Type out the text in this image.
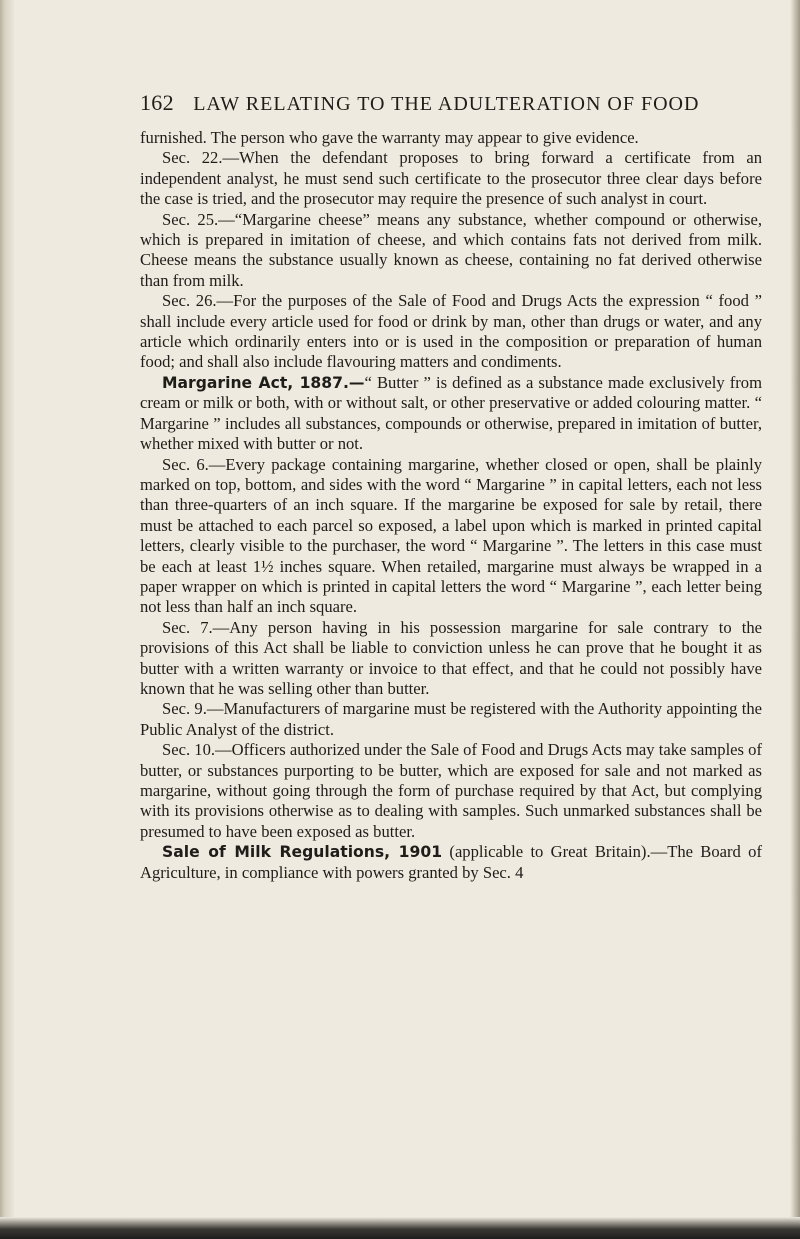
162 LAW RELATING TO THE ADULTERATION OF FOOD

furnished. The person who gave the warranty may appear to give evidence.

Sec. 22.—When the defendant proposes to bring forward a certificate from an independent analyst, he must send such certificate to the prosecutor three clear days before the case is tried, and the prosecutor may require the presence of such analyst in court.

Sec. 25.—“Margarine cheese” means any substance, whether compound or otherwise, which is prepared in imitation of cheese, and which contains fats not derived from milk. Cheese means the substance usually known as cheese, containing no fat derived otherwise than from milk.

Sec. 26.—For the purposes of the Sale of Food and Drugs Acts the expression “ food ” shall include every article used for food or drink by man, other than drugs or water, and any article which ordinarily enters into or is used in the composition or preparation of human food; and shall also include flavouring matters and condiments.

Margarine Act, 1887.—“ Butter ” is defined as a substance made exclusively from cream or milk or both, with or without salt, or other preservative or added colouring matter. “ Margarine ” includes all substances, compounds or otherwise, prepared in imitation of butter, whether mixed with butter or not.

Sec. 6.—Every package containing margarine, whether closed or open, shall be plainly marked on top, bottom, and sides with the word “ Margarine ” in capital letters, each not less than three-quarters of an inch square. If the margarine be exposed for sale by retail, there must be attached to each parcel so exposed, a label upon which is marked in printed capital letters, clearly visible to the purchaser, the word “ Margarine ”. The letters in this case must be each at least 1½ inches square. When retailed, margarine must always be wrapped in a paper wrapper on which is printed in capital letters the word “ Margarine ”, each letter being not less than half an inch square.

Sec. 7.—Any person having in his possession margarine for sale contrary to the provisions of this Act shall be liable to conviction unless he can prove that he bought it as butter with a written warranty or invoice to that effect, and that he could not possibly have known that he was selling other than butter.

Sec. 9.—Manufacturers of margarine must be registered with the Authority appointing the Public Analyst of the district.

Sec. 10.—Officers authorized under the Sale of Food and Drugs Acts may take samples of butter, or substances purporting to be butter, which are exposed for sale and not marked as margarine, without going through the form of purchase required by that Act, but complying with its provisions otherwise as to dealing with samples. Such unmarked substances shall be presumed to have been exposed as butter.

Sale of Milk Regulations, 1901 (applicable to Great Britain).—The Board of Agriculture, in compliance with powers granted by Sec. 4
